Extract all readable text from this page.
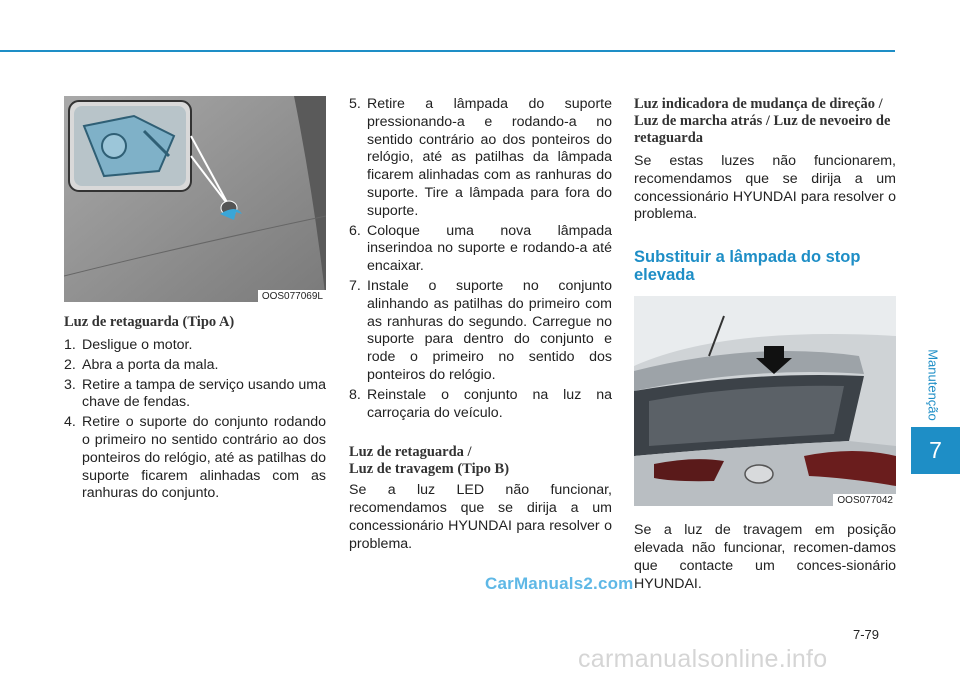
OOS077069L
Luz de retaguarda (Tipo A)
1. Desligue o motor.
2. Abra a porta da mala.
3. Retire a tampa de serviço usando uma chave de fendas.
4. Retire o suporte do conjunto rodando o primeiro no sentido contrário ao dos ponteiros do relógio, até as patilhas do suporte ficarem alinhadas com as ranhuras do conjunto.
5. Retire a lâmpada do suporte pressionando-a e rodando-a no sentido contrário ao dos ponteiros do relógio, até as patilhas da lâmpada ficarem alinhadas com as ranhuras do suporte. Tire a lâmpada para fora do suporte.
6. Coloque uma nova lâmpada inserindoa no suporte e rodando-a até encaixar.
7. Instale o suporte no conjunto alinhando as patilhas do primeiro com as ranhuras do segundo. Carregue no suporte para dentro do conjunto e rode o primeiro no sentido dos ponteiros do relógio.
8. Reinstale o conjunto na luz na carroçaria do veículo.
Luz de retaguarda /
Luz de travagem (Tipo B)

Se a luz LED não funcionar, recomendamos que se dirija a um concessionário HYUNDAI para resolver o problema.

Luz indicadora de mudança de direção / Luz de marcha atrás / Luz de nevoeiro de retaguarda

Se estas luzes não funcionarem, recomendamos que se dirija a um concessionário HYUNDAI para resolver o problema.

Substituir a lâmpada do stop elevada
OOS077042

Se a luz de travagem em posição elevada não funcionar, recomen-damos que contacte um conces-sionário HYUNDAI.

Manutenção
7
7-79
CarManuals2.com
carmanualsonline.info
